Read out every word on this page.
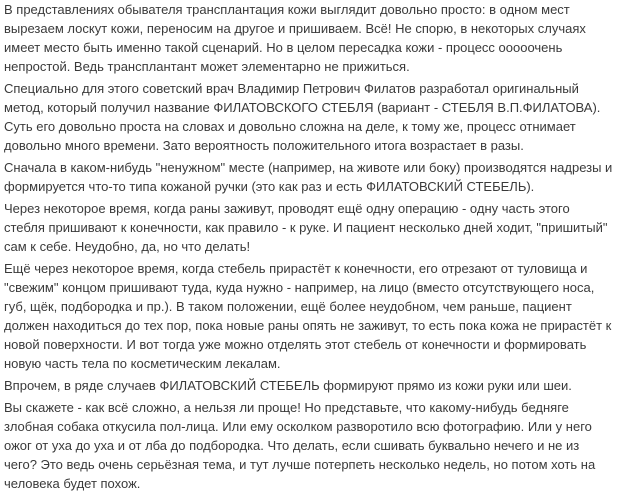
В представлениях обывателя трансплантация кожи выглядит довольно просто: в одном мест
вырезаем лоскут кожи, переносим на другое и пришиваем. Всё! Не спорю, в некоторых случаях
имеет место быть именно такой сценарий. Но в целом пересадка кожи - процесс ооооочень
непростой. Ведь трансплантант может элементарно не прижиться.

Специально для этого советский врач Владимир Петрович Филатов разработал оригинальный
метод, который получил название ФИЛАТОВСКОГО СТЕБЛЯ (вариант - СТЕБЛЯ В.П.ФИЛАТОВА).
Суть его довольно проста на словах и довольно сложна на деле, к тому же, процесс отнимает
довольно много времени. Зато вероятность положительного итога возрастает в разы.

Сначала в каком-нибудь "ненужном" месте (например, на животе или боку) производятся надрезы и
формируется что-то типа кожаной ручки (это как раз и есть ФИЛАТОВСКИЙ СТЕБЕЛЬ).

Через некоторое время, когда раны заживут, проводят ещё одну операцию - одну часть этого
стебля пришивают к конечности, как правило - к руке. И пациент несколько дней ходит, "пришитый"
сам к себе. Неудобно, да, но что делать!

Ещё через некоторое время, когда стебель прирастёт к конечности, его отрезают от туловища и
"свежим" концом пришивают туда, куда нужно - например, на лицо (вместо отсутствующего носа,
губ, щёк, подбородка и пр.). В таком положении, ещё более неудобном, чем раньше, пациент
должен находиться до тех пор, пока новые раны опять не заживут, то есть пока кожа не прирастёт к
новой поверхности. И вот тогда уже можно отделять этот стебель от конечности и формировать
новую часть тела по косметическим лекалам.

Впрочем, в ряде случаев ФИЛАТОВСКИЙ СТЕБЕЛЬ формируют прямо из кожи руки или шеи.

Вы скажете - как всё сложно, а нельзя ли проще! Но представьте, что какому-нибудь бедняге
злобная собака откусила пол-лица. Или ему осколком разворотило всю фотографию. Или у него
ожог от уха до уха и от лба до подбородка. Что делать, если сшивать буквально нечего и не из
чего? Это ведь очень серьёзная тема, и тут лучше потерпеть несколько недель, но потом хоть на
человека будет похож.
